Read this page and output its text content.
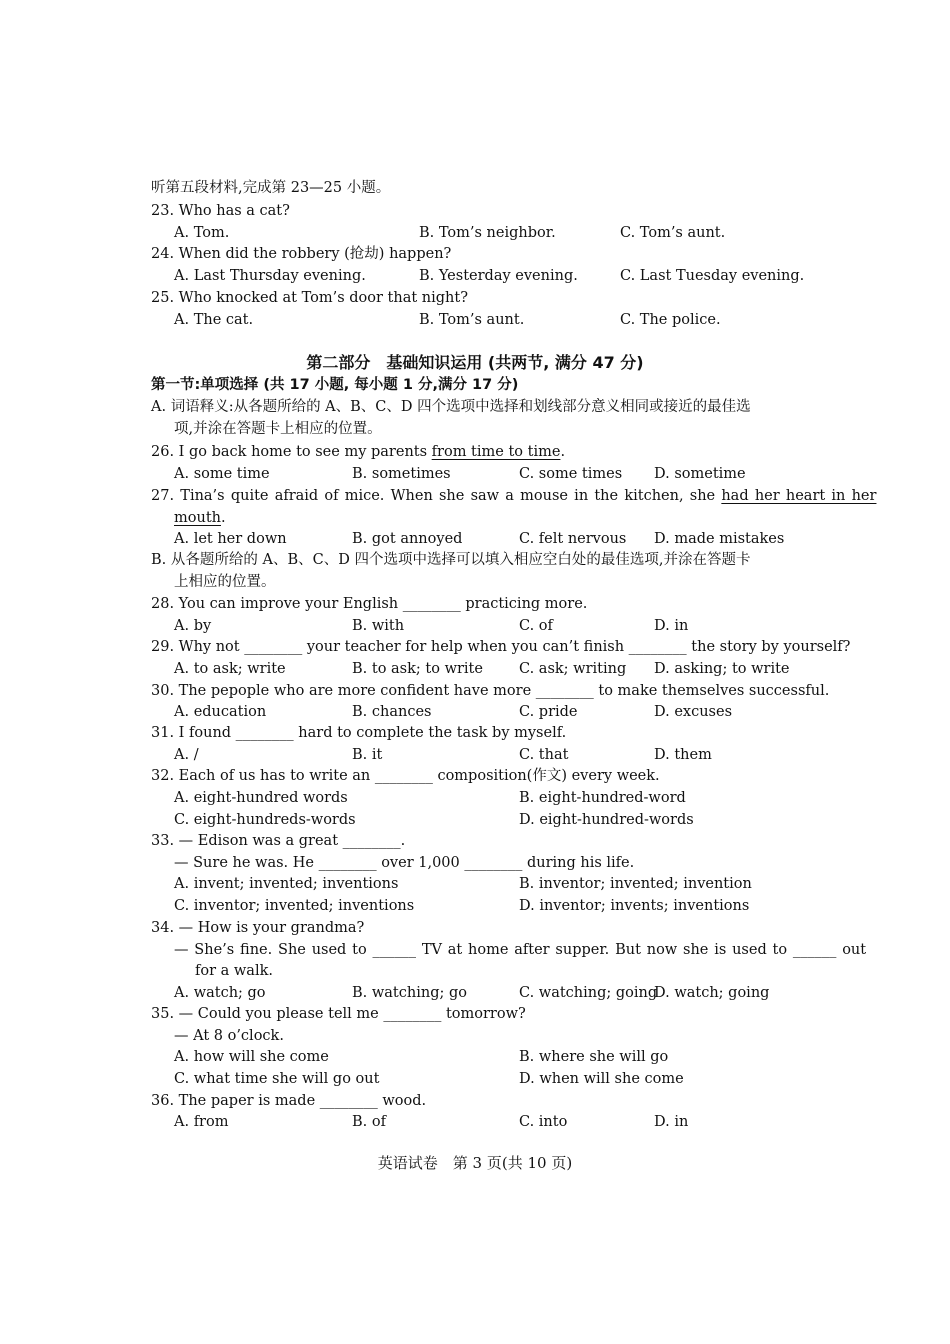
听第五段材料,完成第 23—25 小题。
23. Who has a cat?
A. Tom.	B. Tom’s neighbor.	C. Tom’s aunt.
24. When did the robbery (抢劫) happen?
A. Last Thursday evening.	B. Yesterday evening.	C. Last Tuesday evening.
25. Who knocked at Tom’s door that night?
A. The cat.	B. Tom’s aunt.	C. The police.
第二部分　基础知识运用 (共两节, 满分 47 分)
第一节:单项选择 (共 17 小题, 每小题 1 分,满分 17 分)
A. 词语释义:从各题所给的 A、B、C、D 四个选项中选择和划线部分意义相同或接近的最佳选
项,并涂在答题卡上相应的位置。
26. I go back home to see my parents from time to time.
A. some time	B. sometimes	C. some times D. sometime
27. Tina’s quite afraid of mice. When she saw a mouse in the kitchen, she had her heart in her
mouth.
A. let her down	B. got annoyed	C. felt nervous D. made mistakes
B. 从各题所给的 A、B、C、D 四个选项中选择可以填入相应空白处的最佳选项,并涂在答题卡
上相应的位置。
28. You can improve your English ________ practicing more.
A. by	B. with	C. of	D. in
29. Why not ________ your teacher for help when you can’t finish ________ the story by yourself?
A. to ask; write	B. to ask; to write C. ask; writing D. asking; to write
30. The pepople who are more confident have more ________ to make themselves successful.
A. education	B. chances	C. pride	D. excuses
31. I found ________ hard to complete the task by myself.
A. /	B. it	C. that	D. them
32. Each of us has to write an ________ composition(作文) every week.
A. eight-hundred words	B. eight-hundred-word
C. eight-hundreds-words	D. eight-hundred-words
33. — Edison was a great ________.
— Sure he was. He ________ over 1,000 ________ during his life.
A. invent; invented; inventions	B. inventor; invented; invention
C. inventor; invented; inventions	D. inventor; invents; inventions
34. — How is your grandma?
— She’s fine. She used to ______ TV at home after supper. But now she is used to ______ out
for a walk.
A. watch; go	B. watching; go	C. watching; going
D. watch; going
35. — Could you please tell me ________ tomorrow?
— At 8 o’clock.
A. how will she come	B. where she will go
C. what time she will go out	D. when will she come
36. The paper is made ________ wood.
A. from	B. of	C. into	D. in
英语试卷　第 3 页(共 10 页)
